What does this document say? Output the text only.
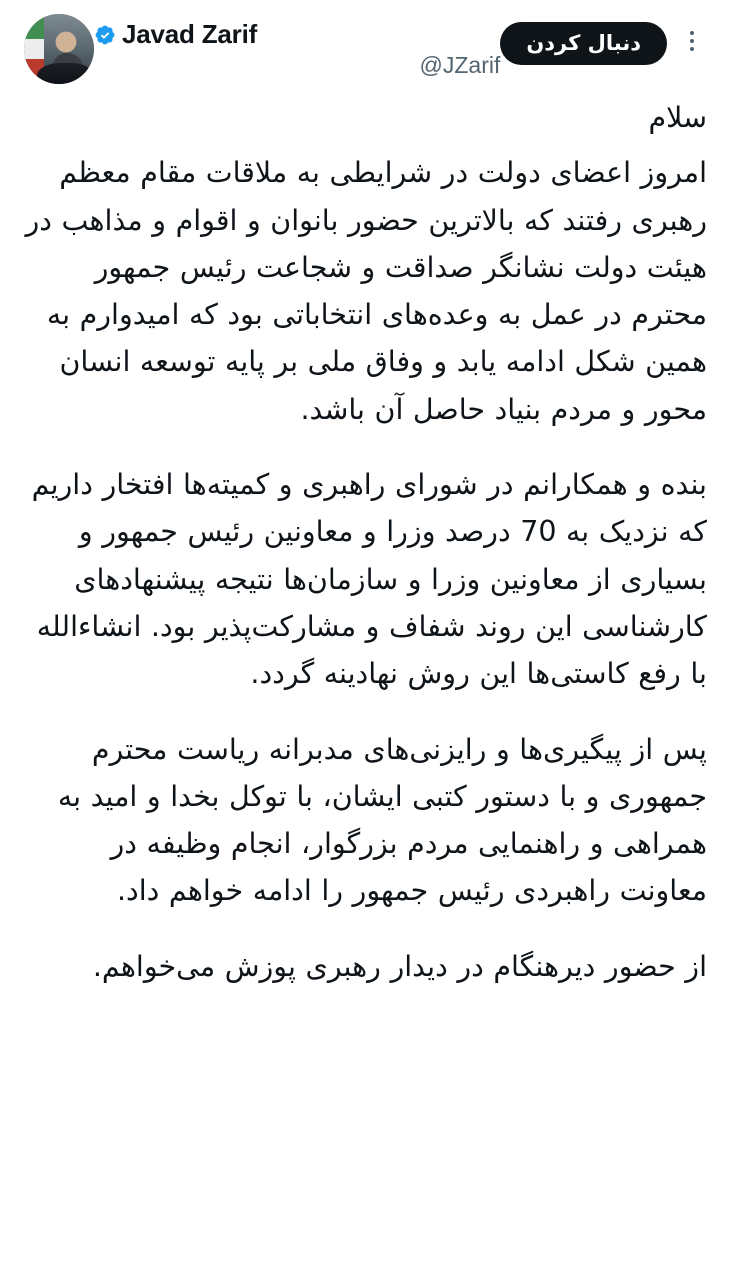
دنبال کردن
Javad Zarif
@JZarif

سلام

امروز اعضای دولت در شرایطی به ملاقات مقام معظم رهبری رفتند که بالاترین حضور بانوان و اقوام و مذاهب در هیئت دولت نشانگر صداقت و شجاعت رئیس جمهور محترم در عمل به وعده‌های انتخاباتی بود که امیدوارم به همین شکل ادامه یابد و وفاق ملی بر پایه توسعه انسان محور و مردم بنیاد حاصل آن باشد.

بنده و همکارانم در شورای راهبری و کمیته‌ها افتخار داریم که نزدیک به 70 درصد وزرا و معاونین رئیس جمهور و بسیاری از معاونین وزرا و سازمان‌ها نتیجه پیشنهادهای کارشناسی این روند شفاف و مشارکت‌پذیر بود. انشاءالله با رفع کاستی‌ها این روش نهادینه گردد.

پس از پیگیری‌ها و رایزنی‌های مدبرانه ریاست محترم جمهوری و با دستور کتبی ایشان، با توکل بخدا و امید به همراهی و راهنمایی مردم بزرگوار، انجام وظیفه در معاونت راهبردی رئیس جمهور را ادامه خواهم داد.

از حضور دیرهنگام در دیدار رهبری پوزش می‌خواهم.
